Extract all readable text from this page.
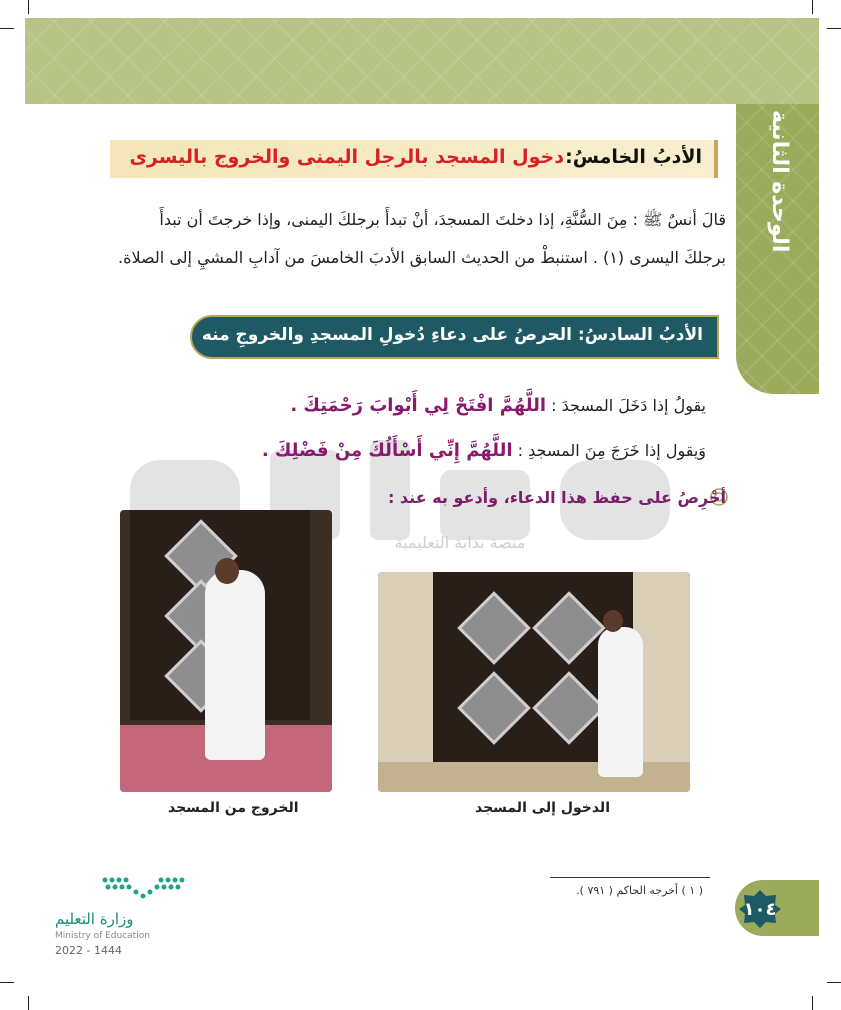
الوحدة الثانية
الأدبُ الخامسُ:
دخول المسجد بالرجل اليمنى والخروج باليسرى
قالَ أنسٌ ﷺ : مِنَ السُّنَّةِ، إذا دخلتَ المسجدَ، أنْ تبدأَ برجلكَ اليمنى، وإذا خرجتَ أن تبدأَ
برجلكَ اليسرى (١) . استنبطْ من الحديث السابق الأدبَ الخامسَ من آدابِ المشيِ إلى الصلاة.
الأدبُ السادسُ: الحرصُ على دعاءِ دُخولِ المسجدِ والخروجِ منه
منصة بداية التعليمية
يقولُ إذا دَخَلَ المسجدَ : اللَّهُمَّ افْتَحْ لِي أَبْوابَ رَحْمَتِكَ .
وَيقول إذا خَرَجَ مِنَ المسجدِ : اللَّهُمَّ إِنِّي أَسْأَلُكَ مِنْ فَضْلِكَ .
أحْرِصُ على حفظ هذا الدعاء، وأدعو به عند :
الخروج من المسجد	الدخول إلى المسجد
( ١ ) أخرجه الحاكم ( ٧٩١ ).
١٠٤
وزارة التعليم
Ministry of Education
2022 - 1444
